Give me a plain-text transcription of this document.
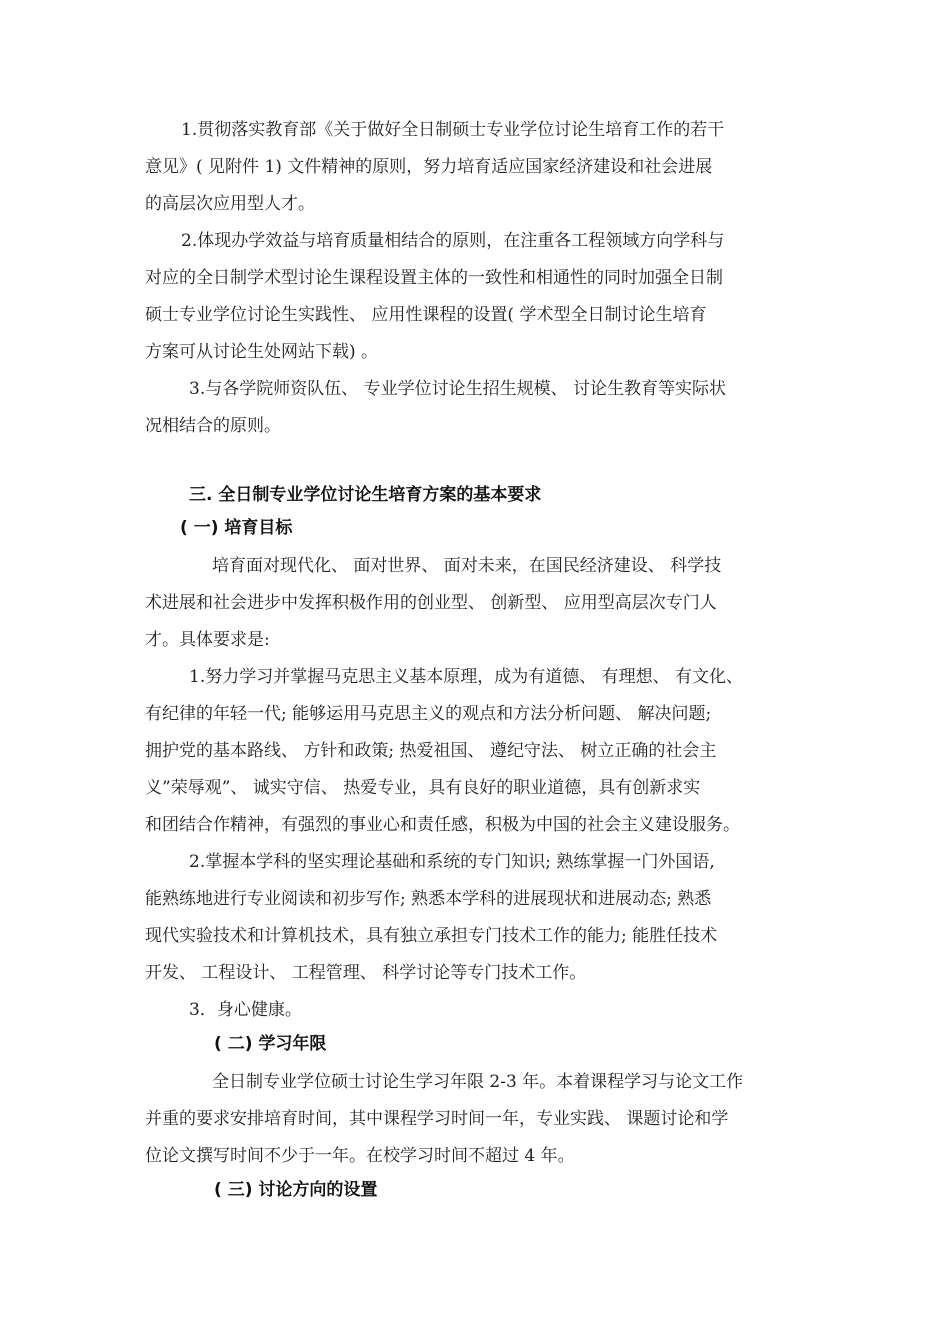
1.贯彻落实教育部《关于做好全日制硕士专业学位讨论生培育工作的若干
意见》( 见附件 1) 文件精神的原则，努力培育适应国家经济建设和社会进展
的高层次应用型人才。
2.体现办学效益与培育质量相结合的原则，在注重各工程领域方向学科与
对应的全日制学术型讨论生课程设置主体的一致性和相通性的同时加强全日制
硕士专业学位讨论生实践性、 应用性课程的设置( 学术型全日制讨论生培育
方案可从讨论生处网站下载) 。
3.与各学院师资队伍、 专业学位讨论生招生规模、 讨论生教育等实际状
况相结合的原则。
三. 全日制专业学位讨论生培育方案的基本要求
( 一) 培育目标
培育面对现代化、 面对世界、 面对未来，在国民经济建设、 科学技
术进展和社会进步中发挥积极作用的创业型、 创新型、 应用型高层次专门人
才。具体要求是:
1.努力学习并掌握马克思主义基本原理，成为有道德、 有理想、 有文化、
有纪律的年轻一代; 能够运用马克思主义的观点和方法分析问题、 解决问题;
拥护党的基本路线、 方针和政策; 热爱祖国、 遵纪守法、 树立正确的社会主
义”荣辱观”、 诚实守信、 热爱专业，具有良好的职业道德，具有创新求实
和团结合作精神，有强烈的事业心和责任感，积极为中国的社会主义建设服务。
2.掌握本学科的坚实理论基础和系统的专门知识; 熟练掌握一门外国语,
能熟练地进行专业阅读和初步写作; 熟悉本学科的进展现状和进展动态; 熟悉
现代实验技术和计算机技术，具有独立承担专门技术工作的能力; 能胜任技术
开发、 工程设计、 工程管理、 科学讨论等专门技术工作。
3．身心健康。
( 二) 学习年限
全日制专业学位硕士讨论生学习年限 2-3 年。本着课程学习与论文工作
并重的要求安排培育时间，其中课程学习时间一年，专业实践、 课题讨论和学
位论文撰写时间不少于一年。在校学习时间不超过 4 年。
( 三) 讨论方向的设置
